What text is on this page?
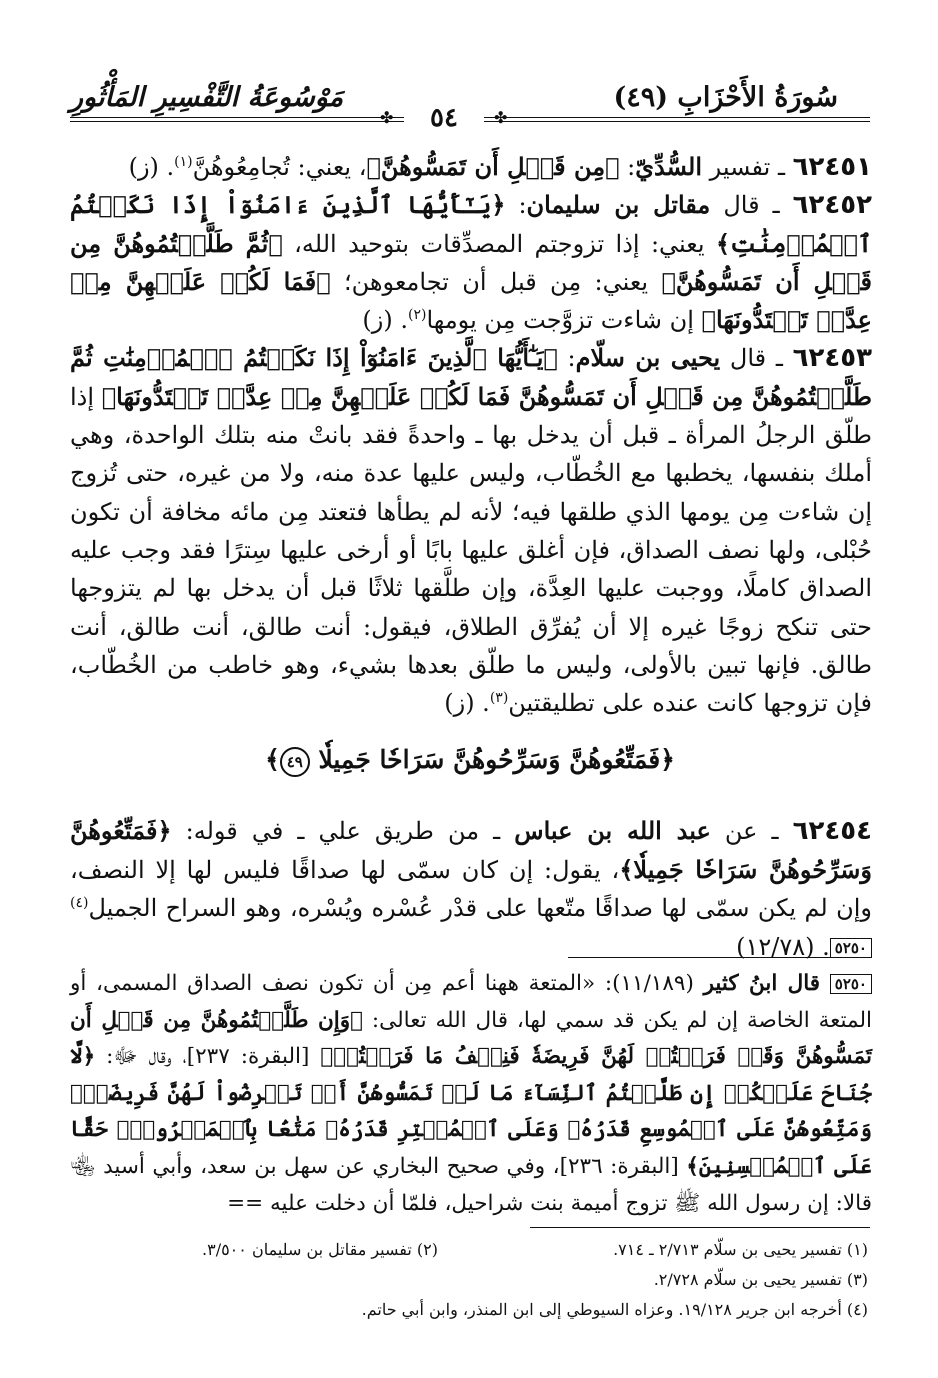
سُورَةُ الأَحْزَابِ (٤٩)
مَوْسُوعَةُ التَّفْسِيرِ المَأْثُورِ
✤	✤
٥٤

٦٢٤٥١ ـ تفسير السُّدِّيّ: ﴿مِن قَبۡلِ أَن تَمَسُّوهُنَّ﴾، يعني: تُجامِعُوهُنَّ$^{(١)}$. (ز)

٦٢٤٥٢ ـ قال مقاتل بن سليمان: ﴿يَـٰٓأَيُّهَا ٱلَّذِينَ ءَامَنُوٓاْ إِذَا نَكَحۡتُمُ ٱلۡمُؤۡمِنَٰتِ﴾ يعني: إذا تزوجتم المصدِّقات بتوحيد الله، ﴿ثُمَّ طَلَّقۡتُمُوهُنَّ مِن قَبۡلِ أَن تَمَسُّوهُنَّ﴾ يعني: مِن قبل أن تجامعوهن؛ ﴿فَمَا لَكُمۡ عَلَيۡهِنَّ مِنۡ عِدَّةٖ تَعۡتَدُّونَهَا﴾ إن شاءت تزوَّجت مِن يومها$^{(٢)}$. (ز)

٦٢٤٥٣ ـ قال يحيى بن سلّام: ﴿يَـٰٓأَيُّهَا ٱلَّذِينَ ءَامَنُوٓاْ إِذَا نَكَحۡتُمُ ٱلۡمُؤۡمِنَٰتِ ثُمَّ طَلَّقۡتُمُوهُنَّ مِن قَبۡلِ أَن تَمَسُّوهُنَّ فَمَا لَكُمۡ عَلَيۡهِنَّ مِنۡ عِدَّةٖ تَعۡتَدُّونَهَا﴾ إذا طلّق الرجلُ المرأة ـ قبل أن يدخل بها ـ واحدةً فقد بانتْ منه بتلك الواحدة، وهي أملك بنفسها، يخطبها مع الخُطّاب، وليس عليها عدة منه، ولا من غيره، حتى تُزوج إن شاءت مِن يومها الذي طلقها فيه؛ لأنه لم يطأها فتعتد مِن مائه مخافة أن تكون حُبْلى، ولها نصف الصداق، فإن أغلق عليها بابًا أو أرخى عليها سِترًا فقد وجب عليه الصداق كاملًا، ووجبت عليها العِدَّة، وإن طلَّقها ثلاثًا قبل أن يدخل بها لم يتزوجها حتى تنكح زوجًا غيره إلا أن يُفرِّق الطلاق، فيقول: أنت طالق، أنت طالق، أنت طالق. فإنها تبين بالأولى، وليس ما طلّق بعدها بشيء، وهو خاطب من الخُطّاب، فإن تزوجها كانت عنده على تطليقتين$^{(٣)}$. (ز)

﴿فَمَتِّعُوهُنَّ وَسَرِّحُوهُنَّ سَرَاحٗا جَمِيلٗا ٤٩﴾

٦٢٤٥٤ ـ عن عبد الله بن عباس ـ من طريق علي ـ في قوله: ﴿فَمَتِّعُوهُنَّ وَسَرِّحُوهُنَّ سَرَاحٗا جَمِيلٗا﴾، يقول: إن كان سمّى لها صداقًا فليس لها إلا النصف، وإن لم يكن سمّى لها صداقًا متّعها على قدْر عُسْره ويُسْره، وهو السراح الجميل$^{(٤)}$٥٢٥٠. (١٢/٧٨)

٥٢٥٠ قال ابنُ كثير (١١/١٨٩): «المتعة ههنا أعم مِن أن تكون نصف الصداق المسمى، أو المتعة الخاصة إن لم يكن قد سمي لها، قال الله تعالى: ﴿وَإِن طَلَّقۡتُمُوهُنَّ مِن قَبۡلِ أَن تَمَسُّوهُنَّ وَقَدۡ فَرَضۡتُمۡ لَهُنَّ فَرِيضَةٗ فَنِصۡفُ مَا فَرَضۡتُمۡ﴾ [البقرة: ٢٣٧]، وقال ﷻ: ﴿لَّا جُنَاحَ عَلَيۡكُمۡ إِن طَلَّقۡتُمُ ٱلنِّسَآءَ مَا لَمۡ تَمَسُّوهُنَّ أَوۡ تَفۡرِضُواْ لَهُنَّ فَرِيضَةٗۚ وَمَتِّعُوهُنَّ عَلَى ٱلۡمُوسِعِ قَدَرُهُۥ وَعَلَى ٱلۡمُقۡتِرِ قَدَرُهُۥ مَتَٰعَۢا بِٱلۡمَعۡرُوفِۖ حَقًّا عَلَى ٱلۡمُحۡسِنِينَ﴾ [البقرة: ٢٣٦]، وفي صحيح البخاري عن سهل بن سعد، وأبي أسيد ﵄ قالا: إن رسول الله ﷺ تزوج أميمة بنت شراحيل، فلمّا أن دخلت عليه ==
(١) تفسير يحيى بن سلّام ٢/٧١٣ ـ ٧١٤.
(٢) تفسير مقاتل بن سليمان ٣/٥٠٠.
(٣) تفسير يحيى بن سلّام ٢/٧٢٨.
(٤) أخرجه ابن جرير ١٩/١٢٨. وعزاه السيوطي إلى ابن المنذر، وابن أبي حاتم.
